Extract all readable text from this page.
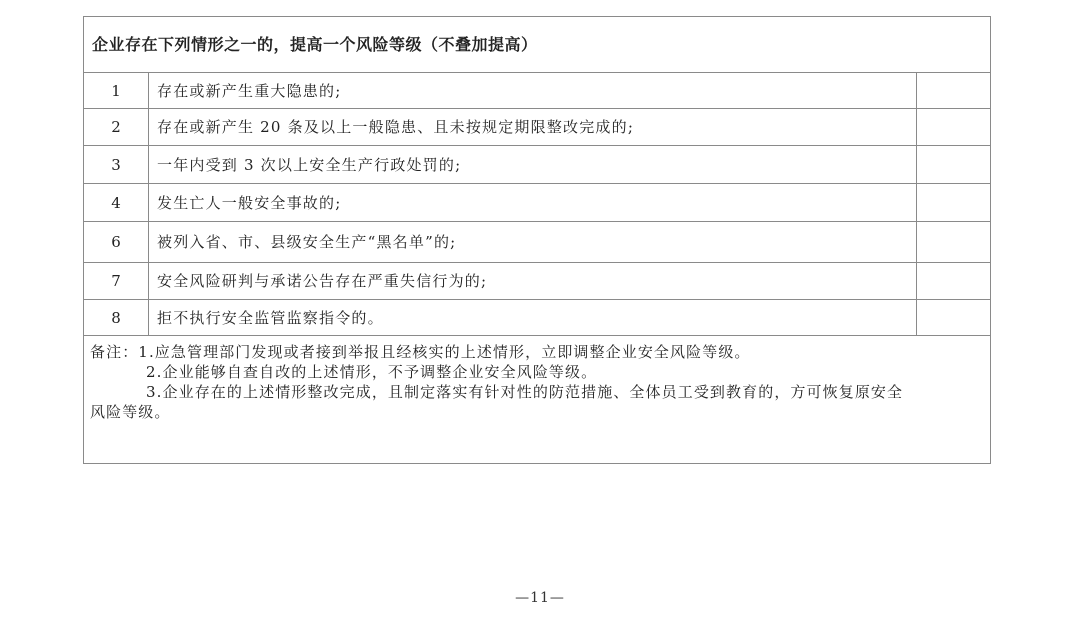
企业存在下列情形之一的，提高一个风险等级（不叠加提高）		
1	存在或新产生重大隐患的;	
2	存在或新产生 20 条及以上一般隐患、且未按规定期限整改完成的;	
3	一年内受到 3 次以上安全生产行政处罚的;	
4	发生亡人一般安全事故的;	
6	被列入省、市、县级安全生产“黑名单”的;	
7	安全风险研判与承诺公告存在严重失信行为的;	
8	拒不执行安全监管监察指令的。	

备注：1.应急管理部门发现或者接到举报且经核实的上述情形，立即调整企业安全风险等级。
2.企业能够自查自改的上述情形，不予调整企业安全风险等级。
3.企业存在的上述情形整改完成，且制定落实有针对性的防范措施、全体员工受到教育的，方可恢复原安全
风险等级。		
—11—
